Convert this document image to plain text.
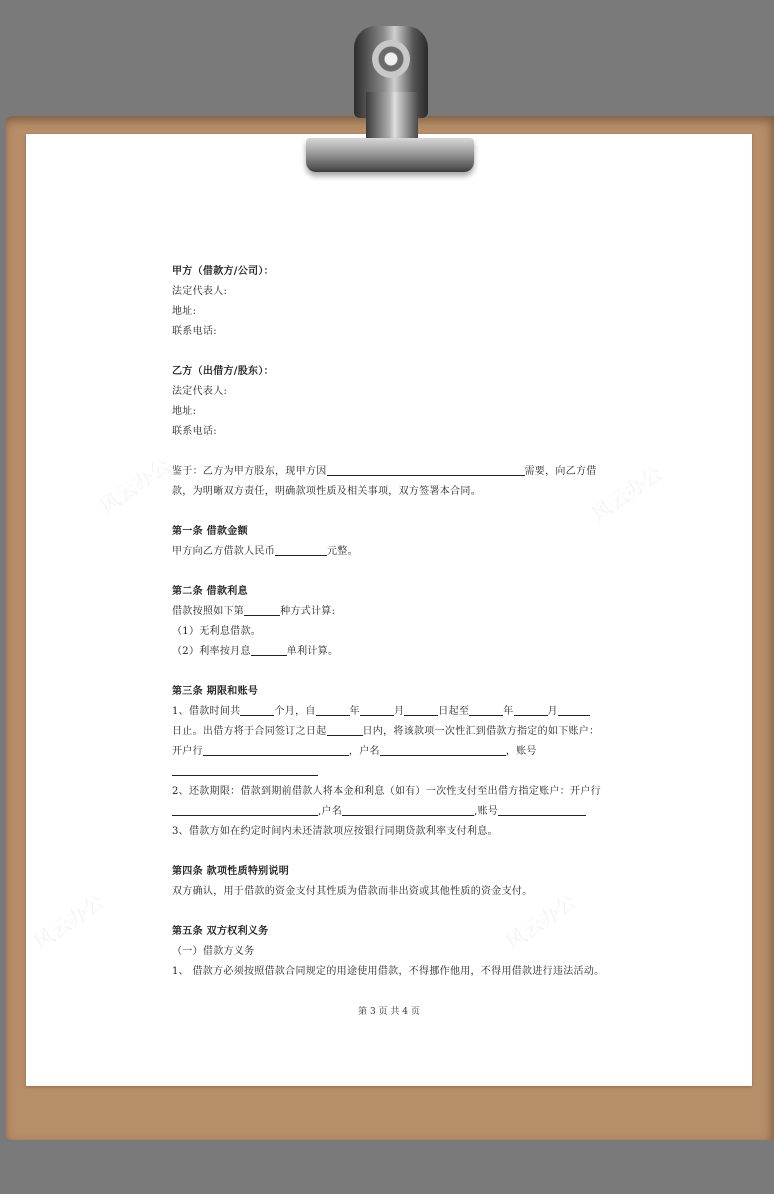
风云办公	风云办公
风云办公	风云办公
甲方（借款方/公司）：
法定代表人:
地址:
联系电话:
乙方（出借方/股东）：
法定代表人:
地址:
联系电话:
鉴于：乙方为甲方股东，现甲方因	需要，向乙方借
款，为明晰双方责任，明确款项性质及相关事项，双方签署本合同。
第一条 借款金额
甲方向乙方借款人民币	元整。
第二条 借款利息
借款按照如下第	种方式计算:
（1）无利息借款。
（2）利率按月息	单利计算。
第三条 期限和账号
1、借款时间共	个月，自	年	月	日起至	年	月
日止。出借方将于合同签订之日起	日内，将该款项一次性汇到借款方指定的如下账户：
开户行	，户名	，账号
2、还款期限：借款到期前借款人将本金和利息（如有）一次性支付至出借方指定账户：开户行
,户名	,账号
3、借款方如在约定时间内未还清款项应按银行同期贷款利率支付利息。
第四条 款项性质特别说明
双方确认，用于借款的资金支付其性质为借款而非出资或其他性质的资金支付。
第五条 双方权利义务
（一）借款方义务
1、 借款方必须按照借款合同规定的用途使用借款，不得挪作他用，不得用借款进行违法活动。
第 3 页 共 4 页
